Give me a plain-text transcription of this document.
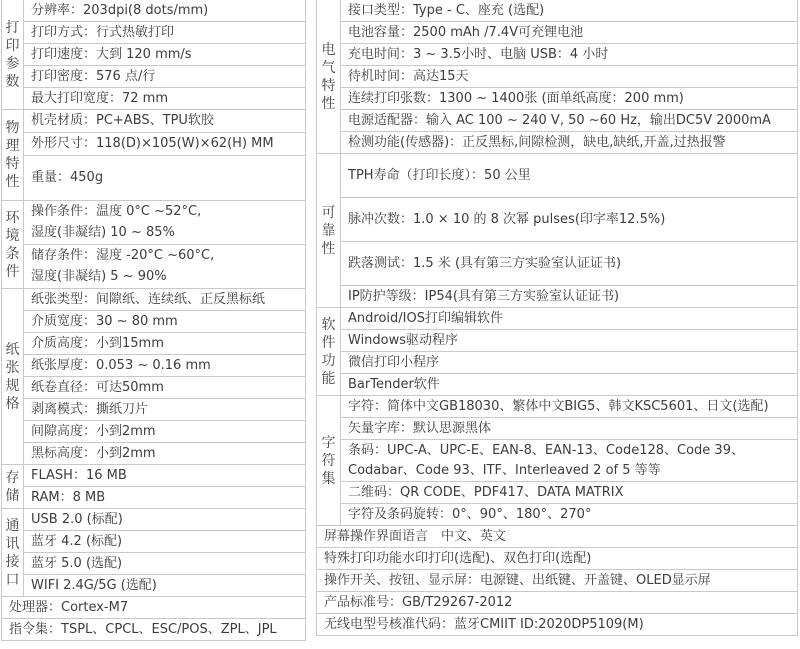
打印参数	分辨率：203dpi(8 dots/mm)
	打印方式：行式热敏打印
	打印速度：大到 120 mm/s
	打印密度：576 点/行
	最大打印宽度：72 mm
物理特性	机壳材质：PC+ABS、TPU软胶
	外形尺寸：118(D)×105(W)×62(H) MM
	重量：450g
环境条件	操作条件：温度 0°C ~52°C,
	湿度(非凝结) 10 ~ 85%
	储存条件：湿度 -20°C ~60°C,
	湿度(非凝结) 5 ~ 90%
纸张规格	纸张类型：间隙纸、连续纸、正反黑标纸
	介质宽度：30 ~ 80 mm
	介质高度：小到15mm
	纸张厚度：0.053 ~ 0.16 mm
	纸卷直径：可达50mm
	剥离模式：撕纸刀片
	间隙高度：小到2mm
	黑标高度：小到2mm
存储	FLASH：16 MB
	RAM：8 MB
通讯接口	USB 2.0 (标配)
	蓝牙 4.2 (标配)
	蓝牙 5.0 (选配)
	WIFI 2.4G/5G (选配)
处理器：Cortex-M7	
指令集：TSPL、CPCL、ESC/POS、ZPL、JPL	
电气特性	接口类型：Type - C、座充 (选配)
	电池容量：2500 mAh /7.4V可充锂电池
	充电时间：3 ~ 3.5小时、电脑 USB：4 小时
	待机时间：高达15天
	连续打印张数：1300 ~ 1400张 (面单纸高度：200 mm)
	电源适配器：输入 AC 100 ~ 240 V, 50 ~60 Hz，输出DC5V 2000mA
	检测功能(传感器)：正反黑标,间隙检测，缺电,缺纸,开盖,过热报警
可靠性	TPH寿命（打印长度）：50 公里
	脉冲次数：1.0 × 10 的 8 次幂 pulses(印字率12.5%)
	跌落测试：1.5 米 (具有第三方实验室认证证书)
	IP防护等级：IP54(具有第三方实验室认证证书)
软件功能	Android/IOS打印编辑软件
	Windows驱动程序
	微信打印小程序
	BarTender软件
字符集	字符：简体中文GB18030、繁体中文BIG5、韩文KSC5601、日文(选配)
	矢量字库：默认思源黑体
	条码：UPC-A、UPC-E、EAN-8、EAN-13、Code128、Code 39、Codabar、Code 93、ITF、Interleaved 2 of 5 等等
	二维码：QR CODE、PDF417、DATA MATRIX
	字符及条码旋转：0°、90°、180°、270°
屏幕操作界面语言　中文、英文	
特殊打印功能水印打印(选配)、双色打印(选配)	
操作开关、按钮、显示屏：电源键、出纸键、开盖键、OLED显示屏	
产品标准号：GB/T29267-2012	
无线电型号核准代码：蓝牙CMIIT ID:2020DP5109(M)	
